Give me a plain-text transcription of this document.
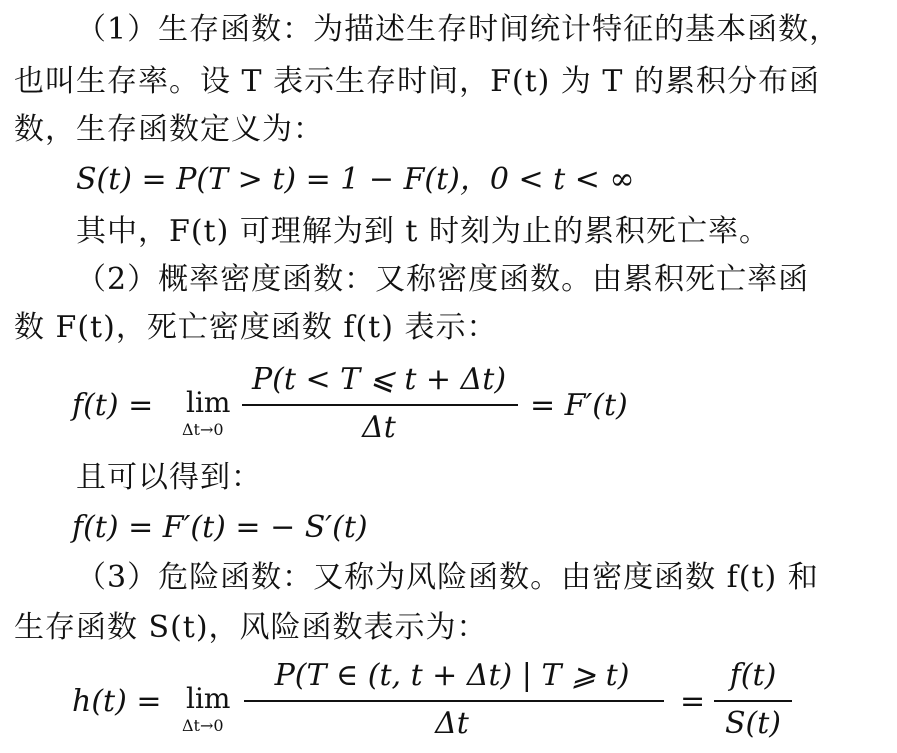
（1）生存函数：为描述生存时间统计特征的基本函数，
也叫生存率。设 T 表示生存时间，F(t) 为 T 的累积分布函
数，生存函数定义为：
S(t) = P(T > t) = 1 − F(t)，0 < t < ∞
其中，F(t) 可理解为到 t 时刻为止的累积死亡率。
（2）概率密度函数：又称密度函数。由累积死亡率函
数 F(t)，死亡密度函数 f(t) 表示：
f(t) = lim
Δt→0
P(t < T ⩽ t + Δt)
Δt
= F′(t)
且可以得到：
f(t) = F′(t) = − S′(t)
（3）危险函数：又称为风险函数。由密度函数 f(t) 和
生存函数 S(t)，风险函数表示为：
h(t) = lim
Δt→0
P(T ∈ (t, t + Δt) | T ⩾ t)
Δt
=
f(t)
S(t)
